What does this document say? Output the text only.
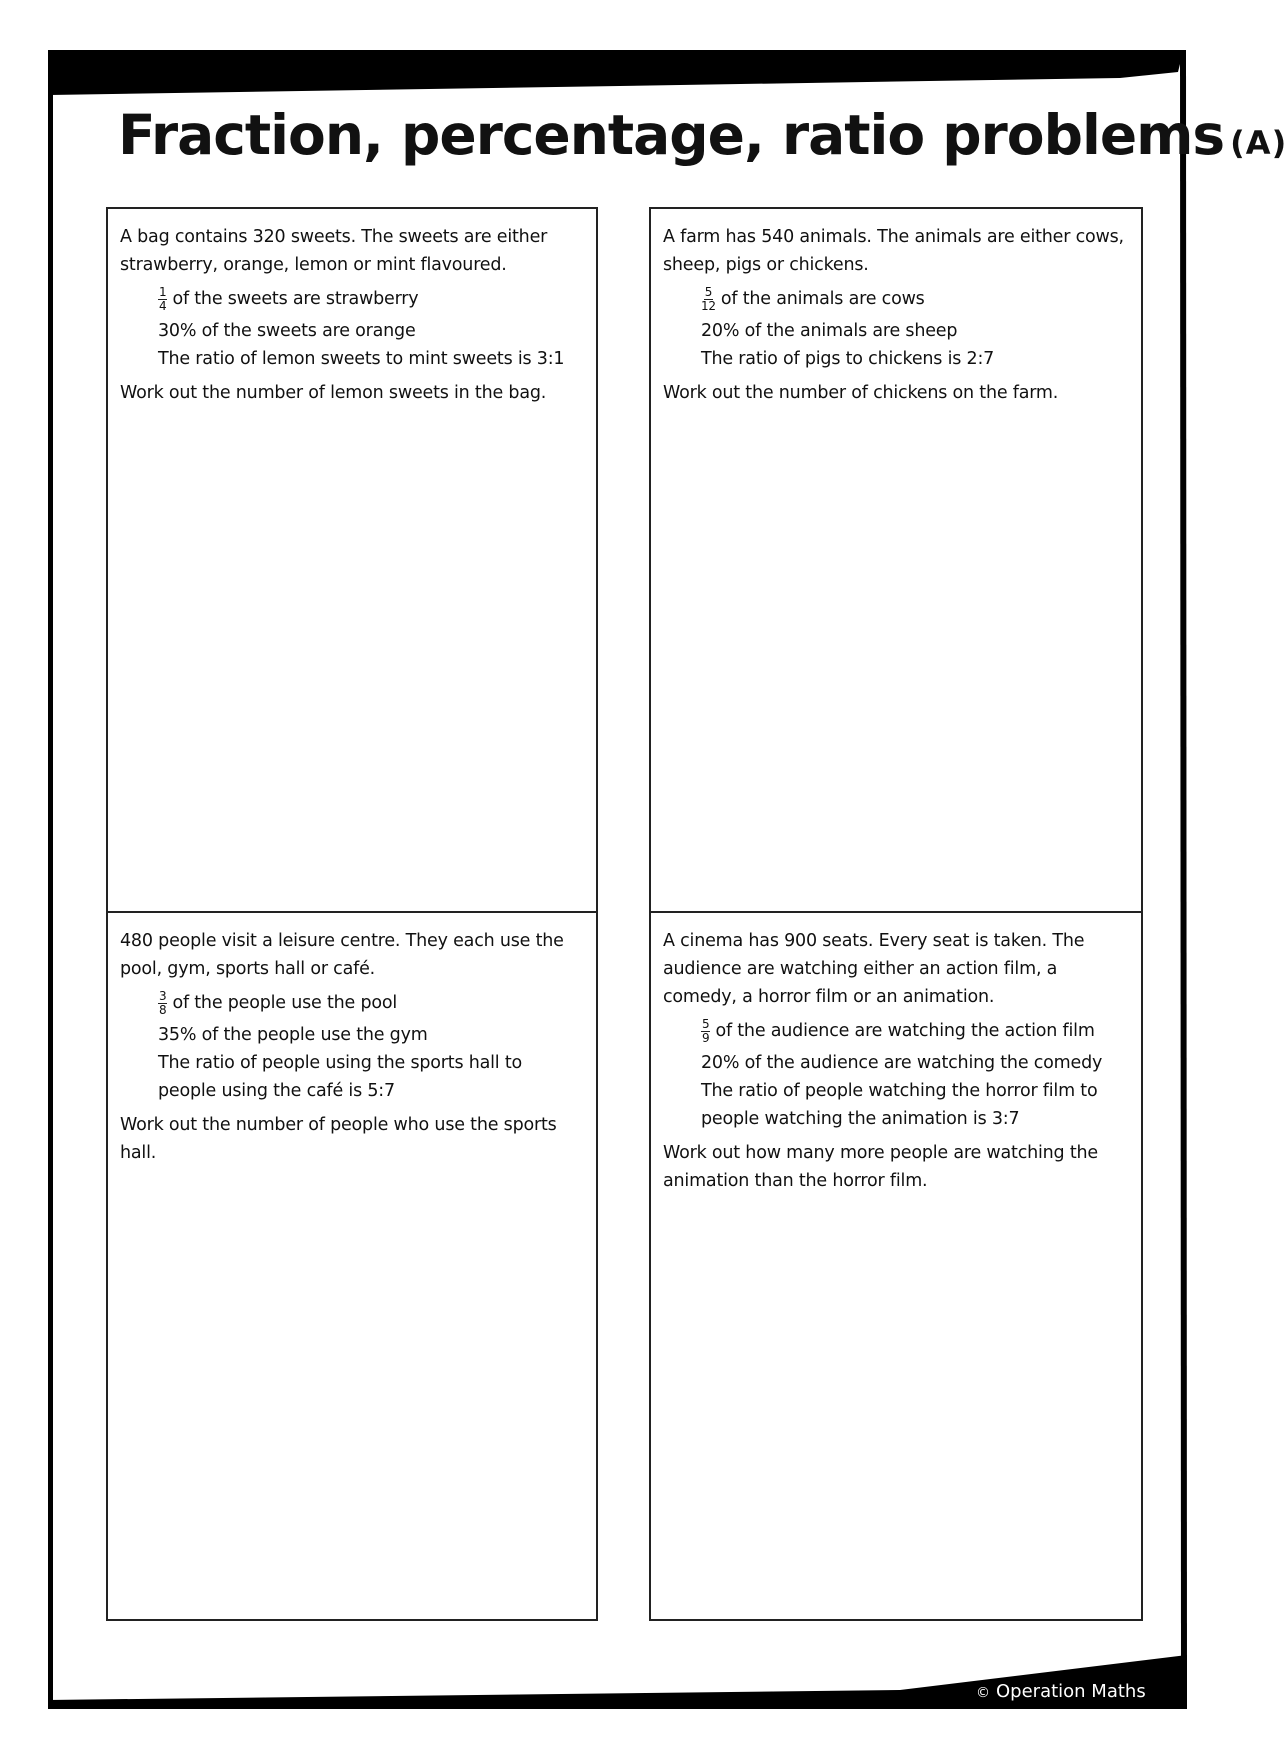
Fraction, percentage, ratio problems (A)

A bag contains 320 sweets. The sweets are either strawberry, orange, lemon or mint flavoured.

$\frac{1}{4}$ of the sweets are strawberry

30% of the sweets are orange

The ratio of lemon sweets to mint sweets is 3:1

Work out the number of lemon sweets in the bag.

A farm has 540 animals. The animals are either cows, sheep, pigs or chickens.

$\frac{5}{12}$ of the animals are cows

20% of the animals are sheep

The ratio of pigs to chickens is 2:7

Work out the number of chickens on the farm.

480 people visit a leisure centre. They each use the pool, gym, sports hall or café.

$\frac{3}{8}$ of the people use the pool

35% of the people use the gym

The ratio of people using the sports hall to people using the café is 5:7

Work out the number of people who use the sports hall.

A cinema has 900 seats. Every seat is taken. The audience are watching either an action film, a comedy, a horror film or an animation.

$\frac{5}{9}$ of the audience are watching the action film

20% of the audience are watching the comedy

The ratio of people watching the horror film to people watching the animation is 3:7

Work out how many more people are watching the animation than the horror film.

© Operation Maths
